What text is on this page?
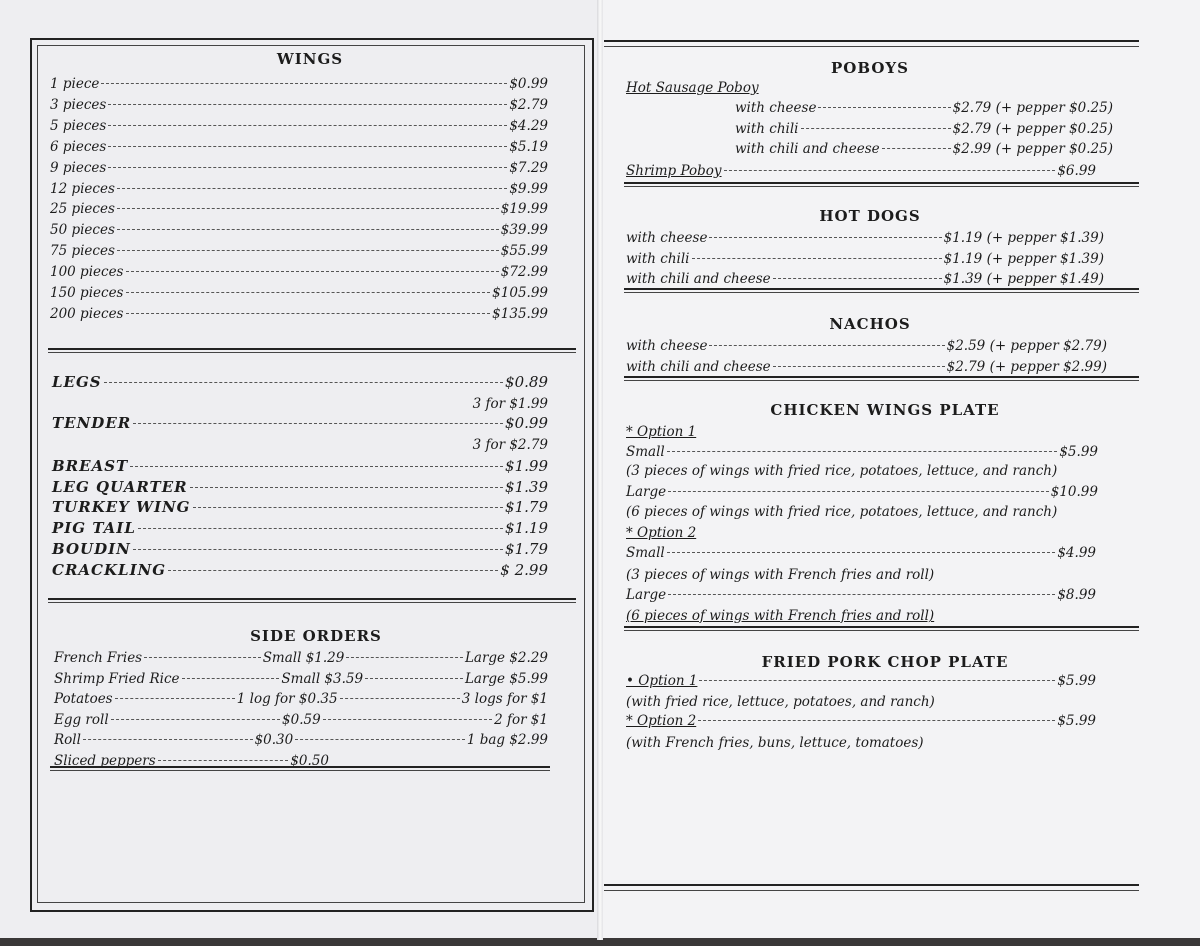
WINGS
1 piece	$0.99
3 pieces	$2.79
5 pieces	$4.29
6 pieces	$5.19
9 pieces	$7.29
12 pieces	$9.99
25 pieces	$19.99
50 pieces	$39.99
75 pieces	$55.99
100 pieces	$72.99
150 pieces	$105.99
200 pieces	$135.99
LEGS	$0.89
3 for $1.99
TENDER	$0.99
3 for $2.79
BREAST	$1.99
LEG QUARTER	$1.39
TURKEY WING	$1.79
PIG TAIL	$1.19
BOUDIN	$1.79
CRACKLING	$ 2.99
SIDE ORDERS
French Fries	Small $1.29	Large $2.29
Shrimp Fried Rice	Small $3.59	Large $5.99
Potatoes	1 log for $0.35	3 logs for $1
Egg roll	$0.59	2 for $1
Roll	$0.30	1 bag $2.99
Sliced peppers	$0.50
POBOYS
Hot Sausage Poboy
with cheese	$2.79 (+ pepper $0.25)
with chili	$2.79 (+ pepper $0.25)
with chili and cheese	$2.99 (+ pepper $0.25)
Shrimp Poboy	$6.99
HOT DOGS
with cheese	$1.19 (+ pepper $1.39)
with chili	$1.19 (+ pepper $1.39)
with chili and cheese	$1.39 (+ pepper $1.49)
NACHOS
with cheese	$2.59 (+ pepper $2.79)
with chili and cheese	$2.79 (+ pepper $2.99)
CHICKEN WINGS PLATE
* Option 1
Small	$5.99
(3 pieces of wings with fried rice, potatoes, lettuce, and ranch)
Large	$10.99
(6 pieces of wings with fried rice, potatoes, lettuce, and ranch)
* Option 2
Small	$4.99
(3 pieces of wings with French fries and roll)
Large	$8.99
(6 pieces of wings with French fries and roll)
FRIED PORK CHOP PLATE
• Option 1	$5.99
(with fried rice, lettuce, potatoes, and ranch)
* Option 2	$5.99
(with French fries, buns, lettuce, tomatoes)
